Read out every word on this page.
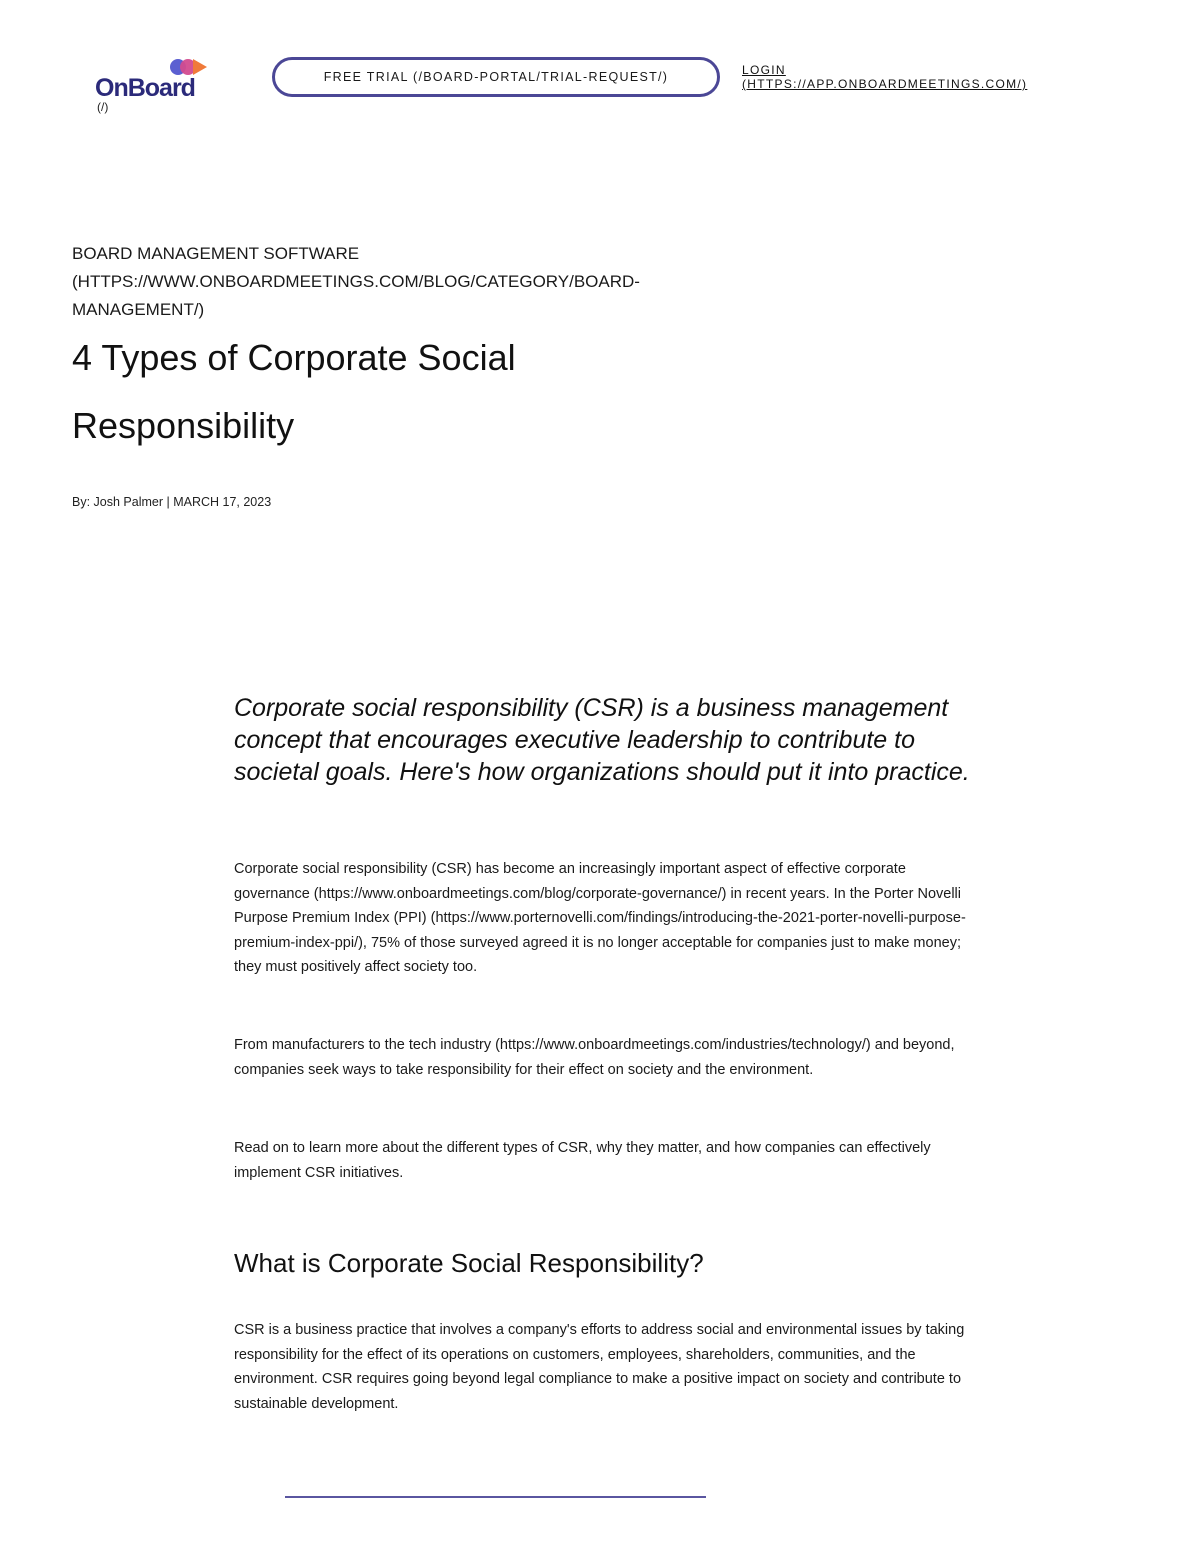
OnBoard
(/)
FREE TRIAL (/BOARD-PORTAL/TRIAL-REQUEST/)	LOGIN
(HTTPS://APP.ONBOARDMEETINGS.COM/)
BOARD MANAGEMENT SOFTWARE (HTTPS://WWW.ONBOARDMEETINGS.COM/BLOG/CATEGORY/BOARD-MANAGEMENT/)
4 Types of Corporate Social Responsibility
By: Josh Palmer | MARCH 17, 2023

Corporate social responsibility (CSR) is a business management concept that encourages executive leadership to contribute to societal goals. Here's how organizations should put it into practice.

Corporate social responsibility (CSR) has become an increasingly important aspect of effective corporate governance (https://www.onboardmeetings.com/blog/corporate-governance/) in recent years. In the Porter Novelli Purpose Premium Index (PPI) (https://www.porternovelli.com/findings/introducing-the-2021-porter-novelli-purpose-premium-index-ppi/), 75% of those surveyed agreed it is no longer acceptable for companies just to make money; they must positively affect society too.

From manufacturers to the tech industry (https://www.onboardmeetings.com/industries/technology/) and beyond, companies seek ways to take responsibility for their effect on society and the environment.

Read on to learn more about the different types of CSR, why they matter, and how companies can effectively implement CSR initiatives.

What is Corporate Social Responsibility?

CSR is a business practice that involves a company's efforts to address social and environmental issues by taking responsibility for the effect of its operations on customers, employees, shareholders, communities, and the environment. CSR requires going beyond legal compliance to make a positive impact on society and contribute to sustainable development.
